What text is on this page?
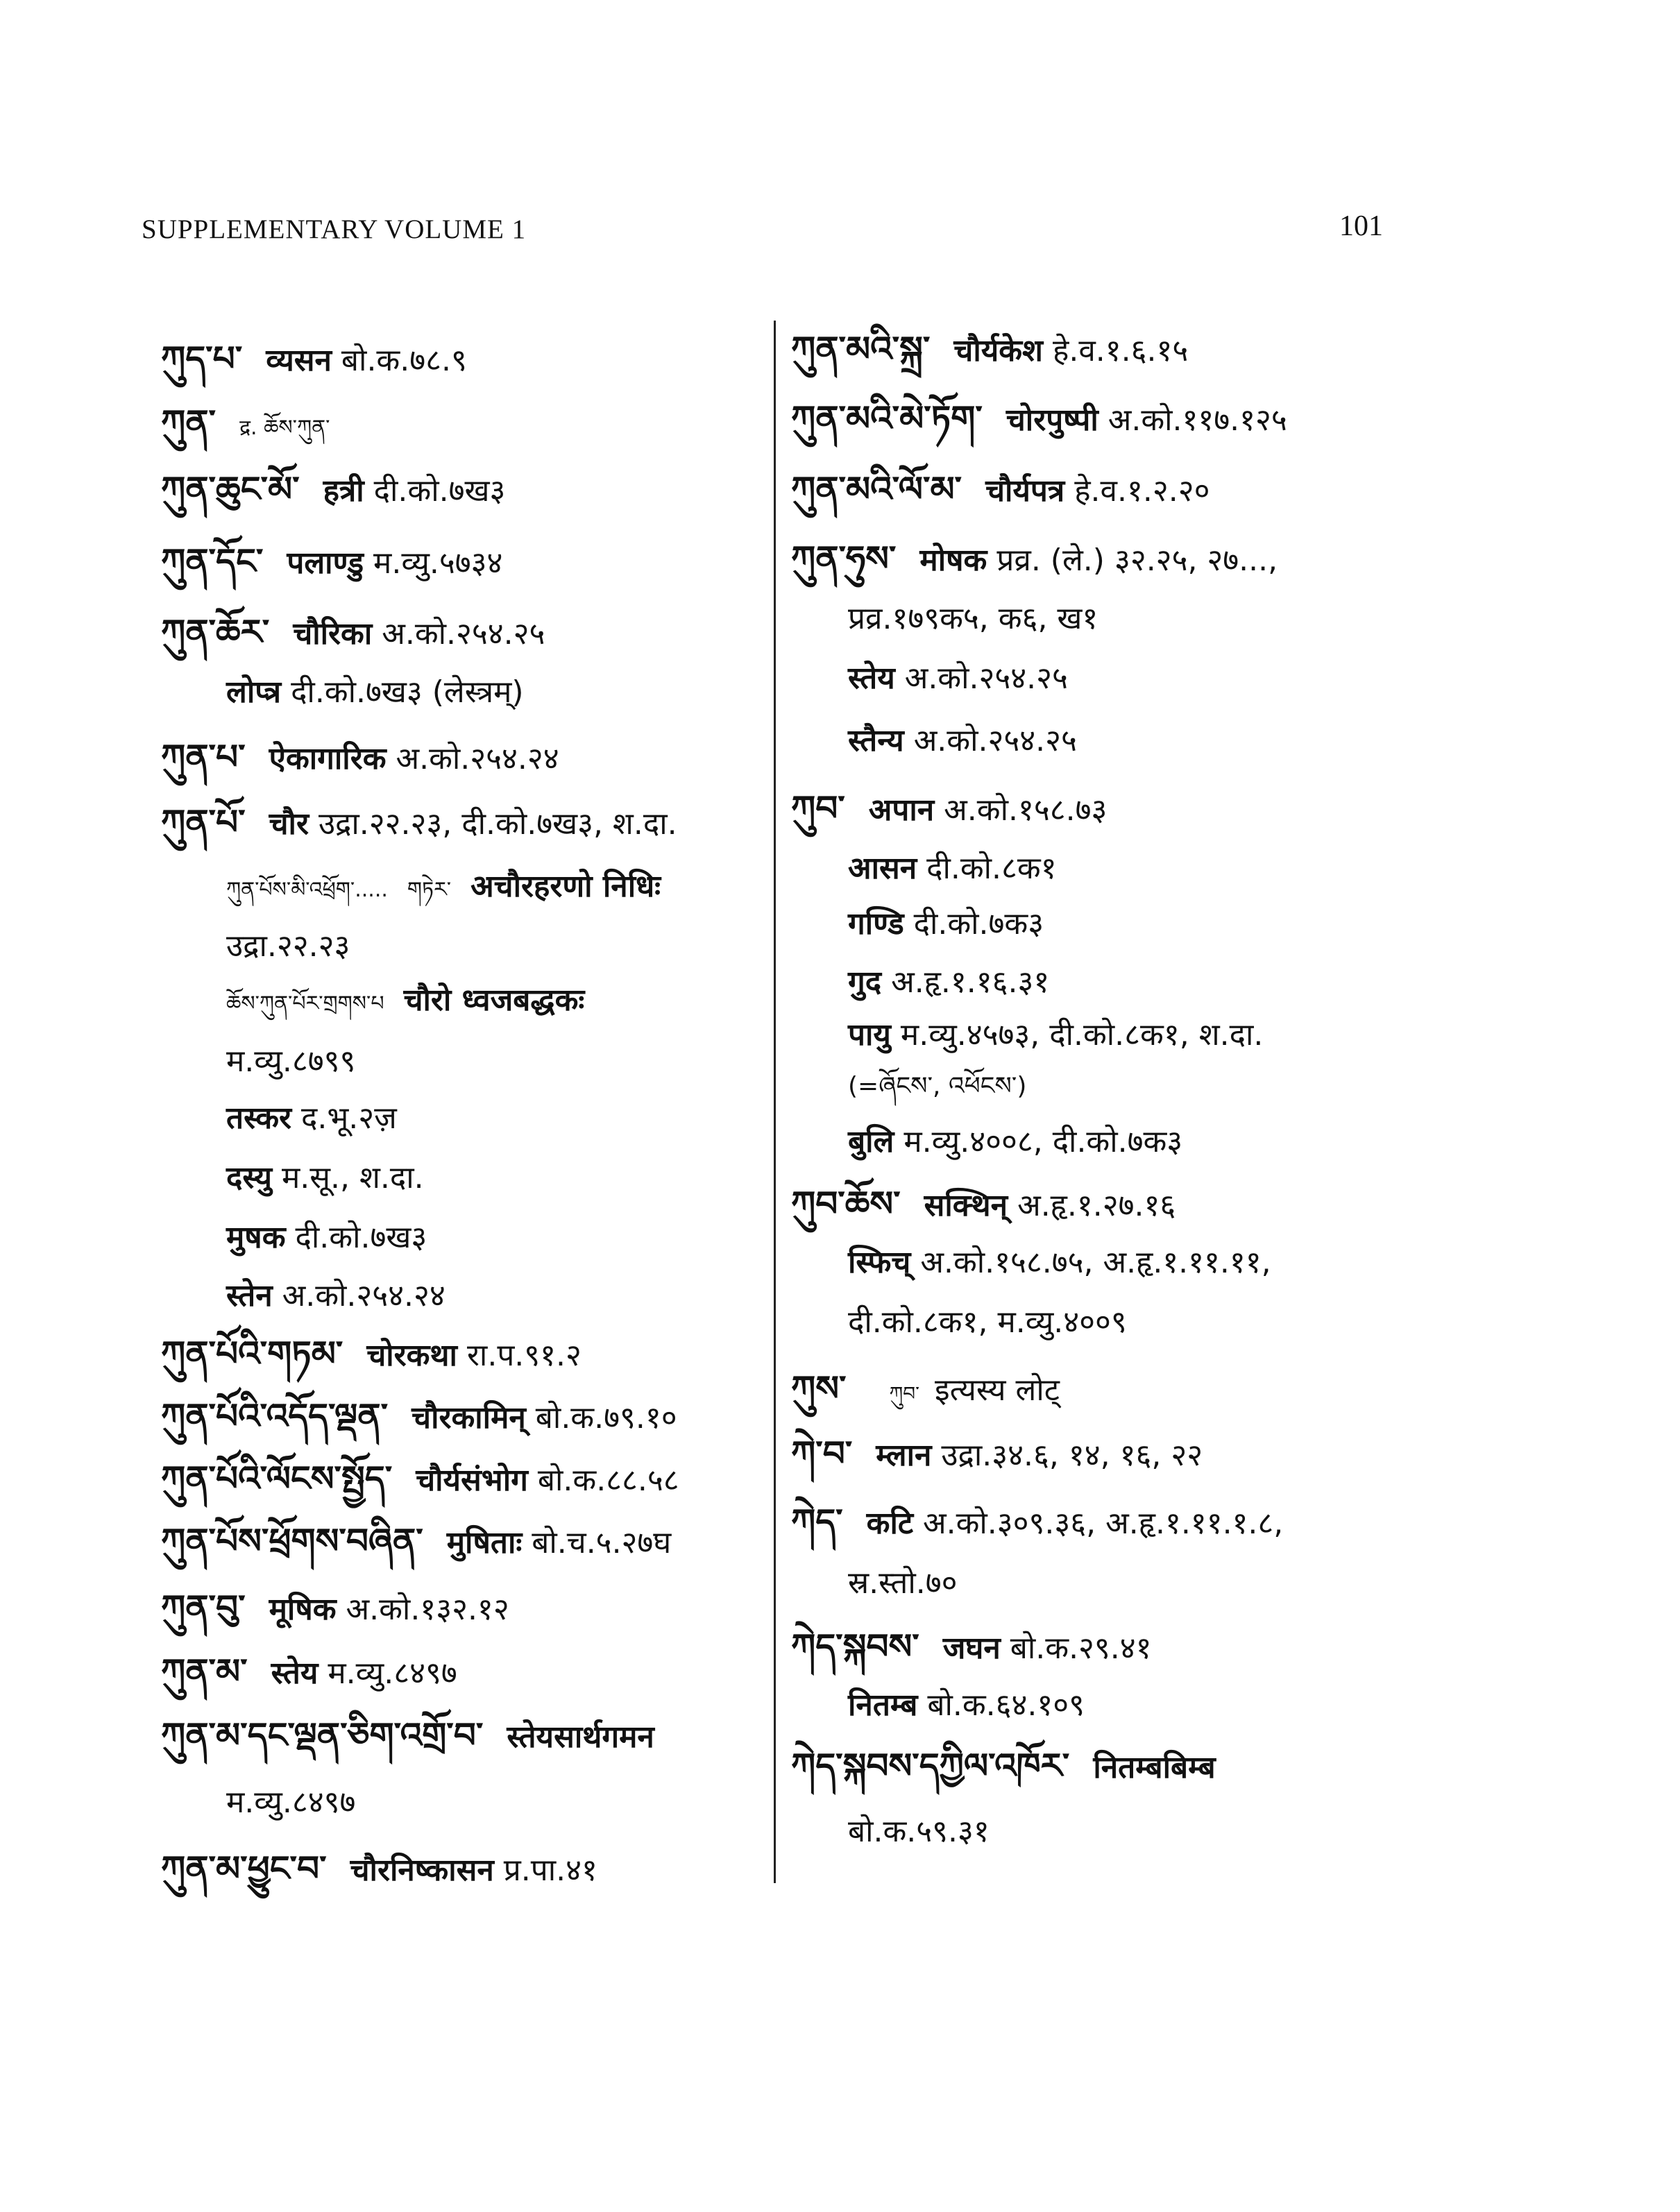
SUPPLEMENTARY VOLUME 1	101
ཀུད་པ་ व्यसन बो.क.७८.९
ཀུན་ द्र. ཆོས་ཀུན་
ཀུན་ཆུང་མོ་ हत्री दी.को.७ख३
ཀུན་དོང་ पलाण्डु म.व्यु.५७३४
ཀུན་ཆོར་ चौरिका अ.को.२५४.२५
लोप्त्र दी.को.७ख३ (लेस्त्रम्)
ཀུན་པ་ ऐकागारिक अ.को.२५४.२४
ཀུན་པོ་ चौर उद्रा.२२.२३, दी.को.७ख३, श.दा.
ཀུན་པོས་མི་འཕྲོག་..... གཏེར་ अचौरहरणो निधिः
उद्रा.२२.२३
ཆོས་ཀུན་པོར་གྲགས་པ चौरो ध्वजबद्धकः
म.व्यु.८७९९
तस्कर द.भू.२ज़
दस्यु म.सू., श.दा.
मुषक दी.को.७ख३
स्तेन अ.को.२५४.२४
ཀུན་པོའི་གཏམ་ चोरकथा रा.प.९१.२
ཀུན་པོའི་འདོད་ལྡན་ चौरकामिन् बो.क.७९.१०
ཀུན་པོའི་ལོངས་སྤྱོད་ चौर्यसंभोग बो.क.८८.५८
ཀུན་པོས་ཕྲོགས་བཞིན་ मुषिताः बो.च.५.२७घ
ཀུན་བུ་ मूषिक अ.को.१३२.१२
ཀུན་མ་ स्तेय म.व्यु.८४९७
ཀུན་མ་དང་ལྡན་ཅིག་འགྲོ་བ་ स्तेयसार्थगमन
म.व्यु.८४९७
ཀུན་མ་ཕྱུང་བ་ चौरनिष्कासन प्र.पा.४१
ཀུན་མའི་སྐྲ་ चौर्यकेश हे.व.१.६.१५
ཀུན་མའི་མེ་ཏོག་ चोरपुष्पी अ.को.११७.१२५
ཀུན་མའི་ལོ་མ་ चौर्यपत्र हे.व.१.२.२०
ཀུན་ཧུས་ मोषक प्रव्र. (ले.) ३२.२५, २७...,
प्रव्र.१७९क५, क६, ख१
स्तेय अ.को.२५४.२५
स्तैन्य अ.को.२५४.२५
ཀུབ་ अपान अ.को.१५८.७३
आसन दी.को.८क१
गण्डि दी.को.७क३
गुद अ.हृ.१.१६.३१
पायु म.व्यु.४५७३, दी.को.८क१, श.दा.
(=ཞོངས་, འཕོངས་)
बुलि म.व्यु.४००८, दी.को.७क३
ཀུབ་ཆོས་ सक्थिन् अ.हृ.१.२७.१६
स्फिच् अ.को.१५८.७५, अ.हृ.१.११.११,
दी.को.८क१, म.व्यु.४००९
ཀུས་ ཀུབ་ इत्यस्य लोट्
ཀེ་བ་ म्लान उद्रा.३४.६, १४, १६, २२
ཀེད་ कटि अ.को.३०९.३६, अ.हृ.१.११.१.८,
स्र.स्तो.७०
ཀེད་སྐབས་ जघन बो.क.२९.४१
नितम्ब बो.क.६४.१०९
ཀེད་སྐབས་དཀྱིལ་འཁོར་ नितम्बबिम्ब
बो.क.५९.३१
